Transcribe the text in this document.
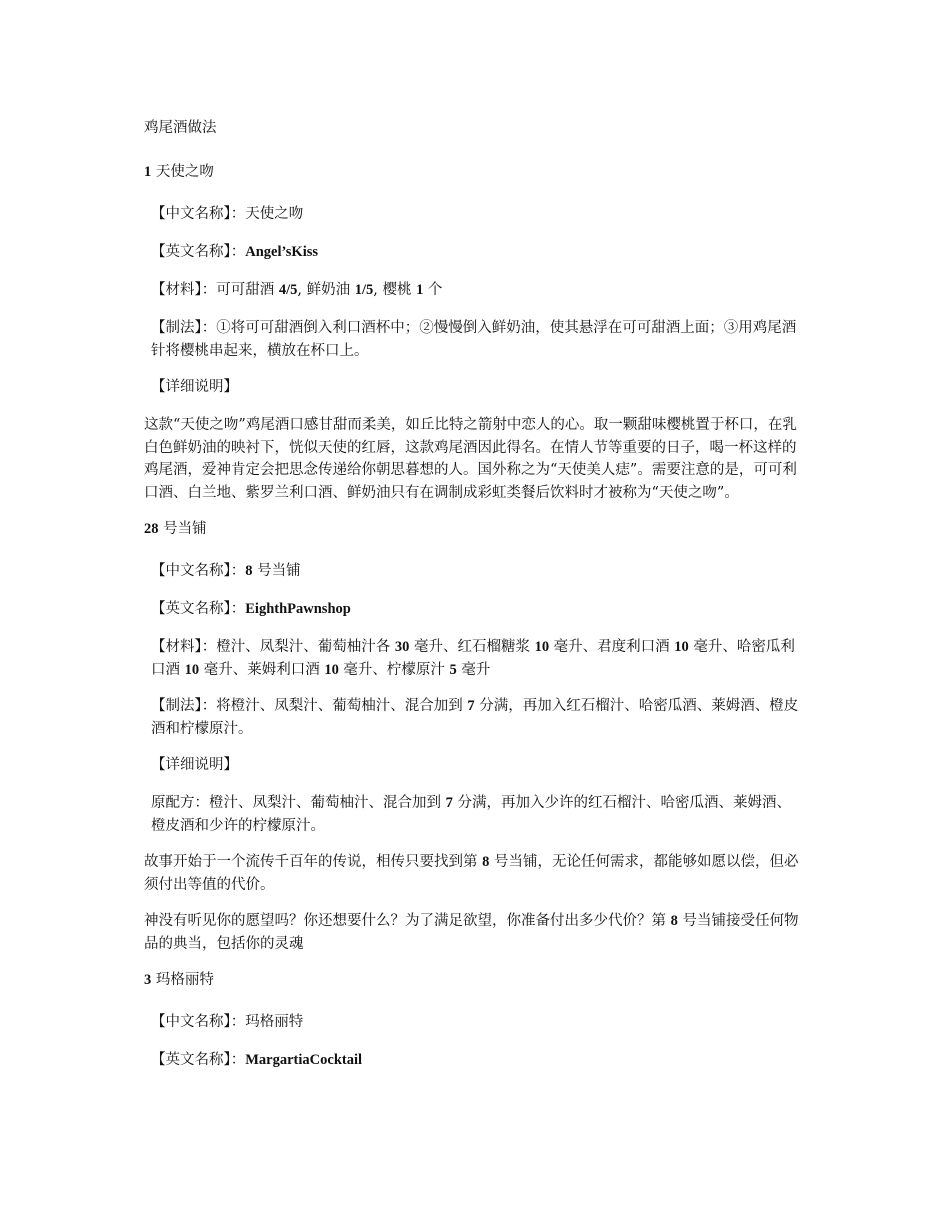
鸡尾酒做法

1 天使之吻

【中文名称】：天使之吻

【英文名称】：Angel’sKiss

【材料】：可可甜酒 4/5, 鲜奶油 1/5, 樱桃 1 个

【制法】：①将可可甜酒倒入利口酒杯中；②慢慢倒入鲜奶油，使其悬浮在可可甜酒上面；③用鸡尾酒针将樱桃串起来，横放在杯口上。

【详细说明】

这款“天使之吻”鸡尾酒口感甘甜而柔美，如丘比特之箭射中恋人的心。取一颗甜味樱桃置于杯口，在乳白色鲜奶油的映衬下，恍似天使的红唇，这款鸡尾酒因此得名。在情人节等重要的日子，喝一杯这样的鸡尾酒，爱神肯定会把思念传递给你朝思暮想的人。国外称之为“天使美人痣”。需要注意的是，可可利口酒、白兰地、紫罗兰利口酒、鲜奶油只有在调制成彩虹类餐后饮料时才被称为“天使之吻”。

28 号当铺

【中文名称】：8 号当铺

【英文名称】：EighthPawnshop

【材料】：橙汁、凤梨汁、葡萄柚汁各 30 毫升、红石榴糖浆 10 毫升、君度利口酒 10 毫升、哈密瓜利口酒 10 毫升、莱姆利口酒 10 毫升、柠檬原汁 5 毫升

【制法】：将橙汁、凤梨汁、葡萄柚汁、混合加到 7 分满，再加入红石榴汁、哈密瓜酒、莱姆酒、橙皮酒和柠檬原汁。

【详细说明】

原配方：橙汁、凤梨汁、葡萄柚汁、混合加到 7 分满，再加入少许的红石榴汁、哈密瓜酒、莱姆酒、橙皮酒和少许的柠檬原汁。

故事开始于一个流传千百年的传说，相传只要找到第 8 号当铺，无论任何需求，都能够如愿以偿，但必须付出等值的代价。

神没有听见你的愿望吗？你还想要什么？为了满足欲望，你准备付出多少代价？第 8 号当铺接受任何物品的典当，包括你的灵魂

3 玛格丽特

【中文名称】：玛格丽特

【英文名称】：MargartiaCocktail
